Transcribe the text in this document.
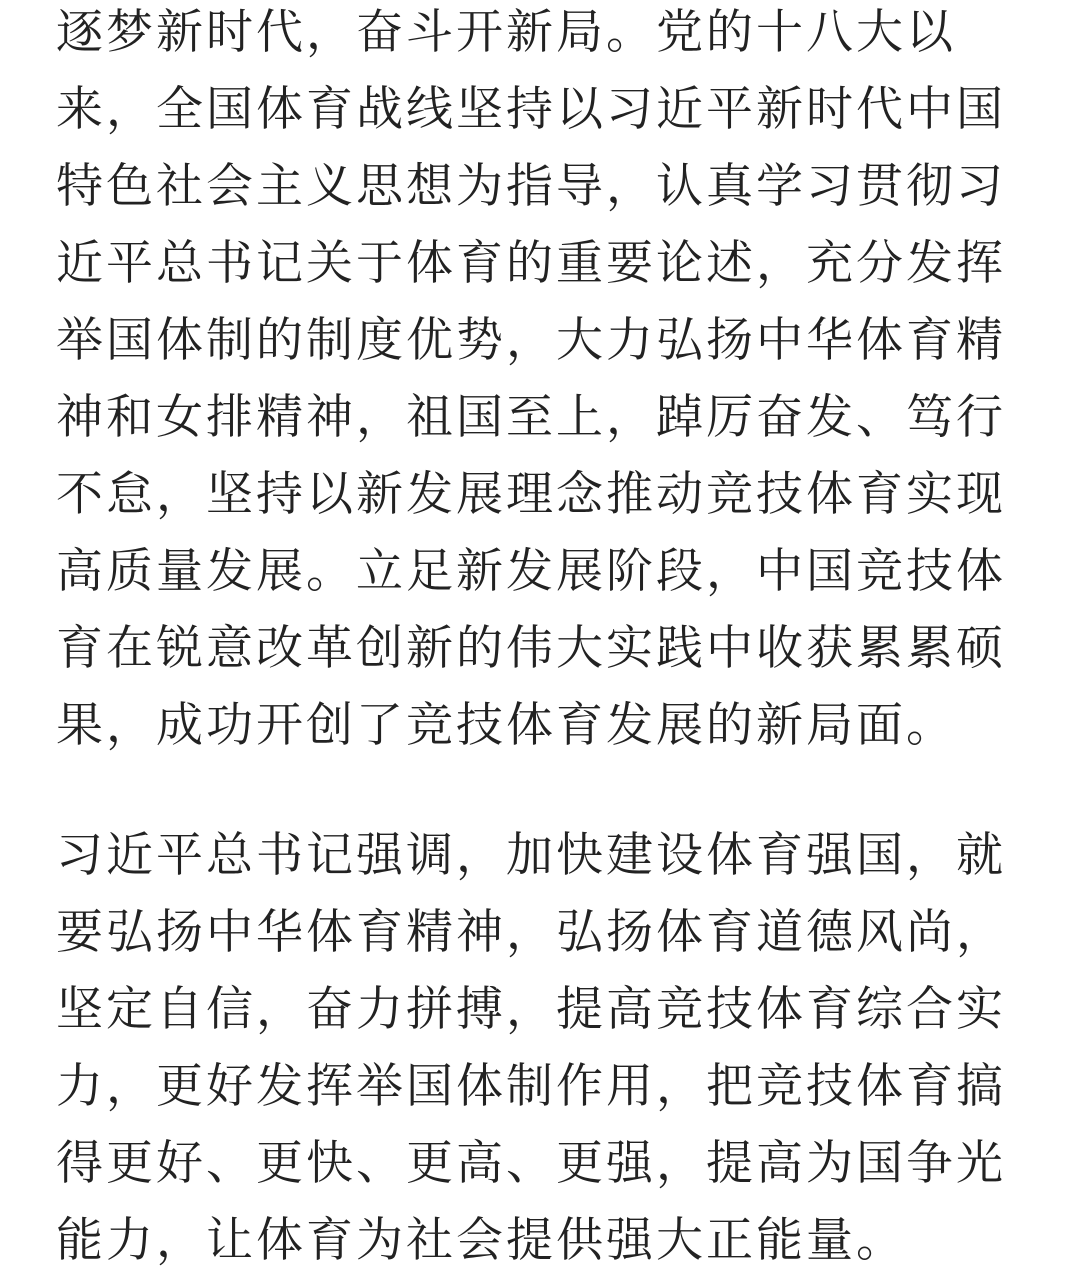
逐梦新时代，奋斗开新局。党的十八大以
来，全国体育战线坚持以习近平新时代中国
特色社会主义思想为指导，认真学习贯彻习
近平总书记关于体育的重要论述，充分发挥
举国体制的制度优势，大力弘扬中华体育精
神和女排精神，祖国至上，踔厉奋发、笃行
不怠，坚持以新发展理念推动竞技体育实现
高质量发展。立足新发展阶段，中国竞技体
育在锐意改革创新的伟大实践中收获累累硕
果，成功开创了竞技体育发展的新局面。
习近平总书记强调，加快建设体育强国，就
要弘扬中华体育精神，弘扬体育道德风尚，
坚定自信，奋力拼搏，提高竞技体育综合实
力，更好发挥举国体制作用，把竞技体育搞
得更好、更快、更高、更强，提高为国争光
能力，让体育为社会提供强大正能量。
